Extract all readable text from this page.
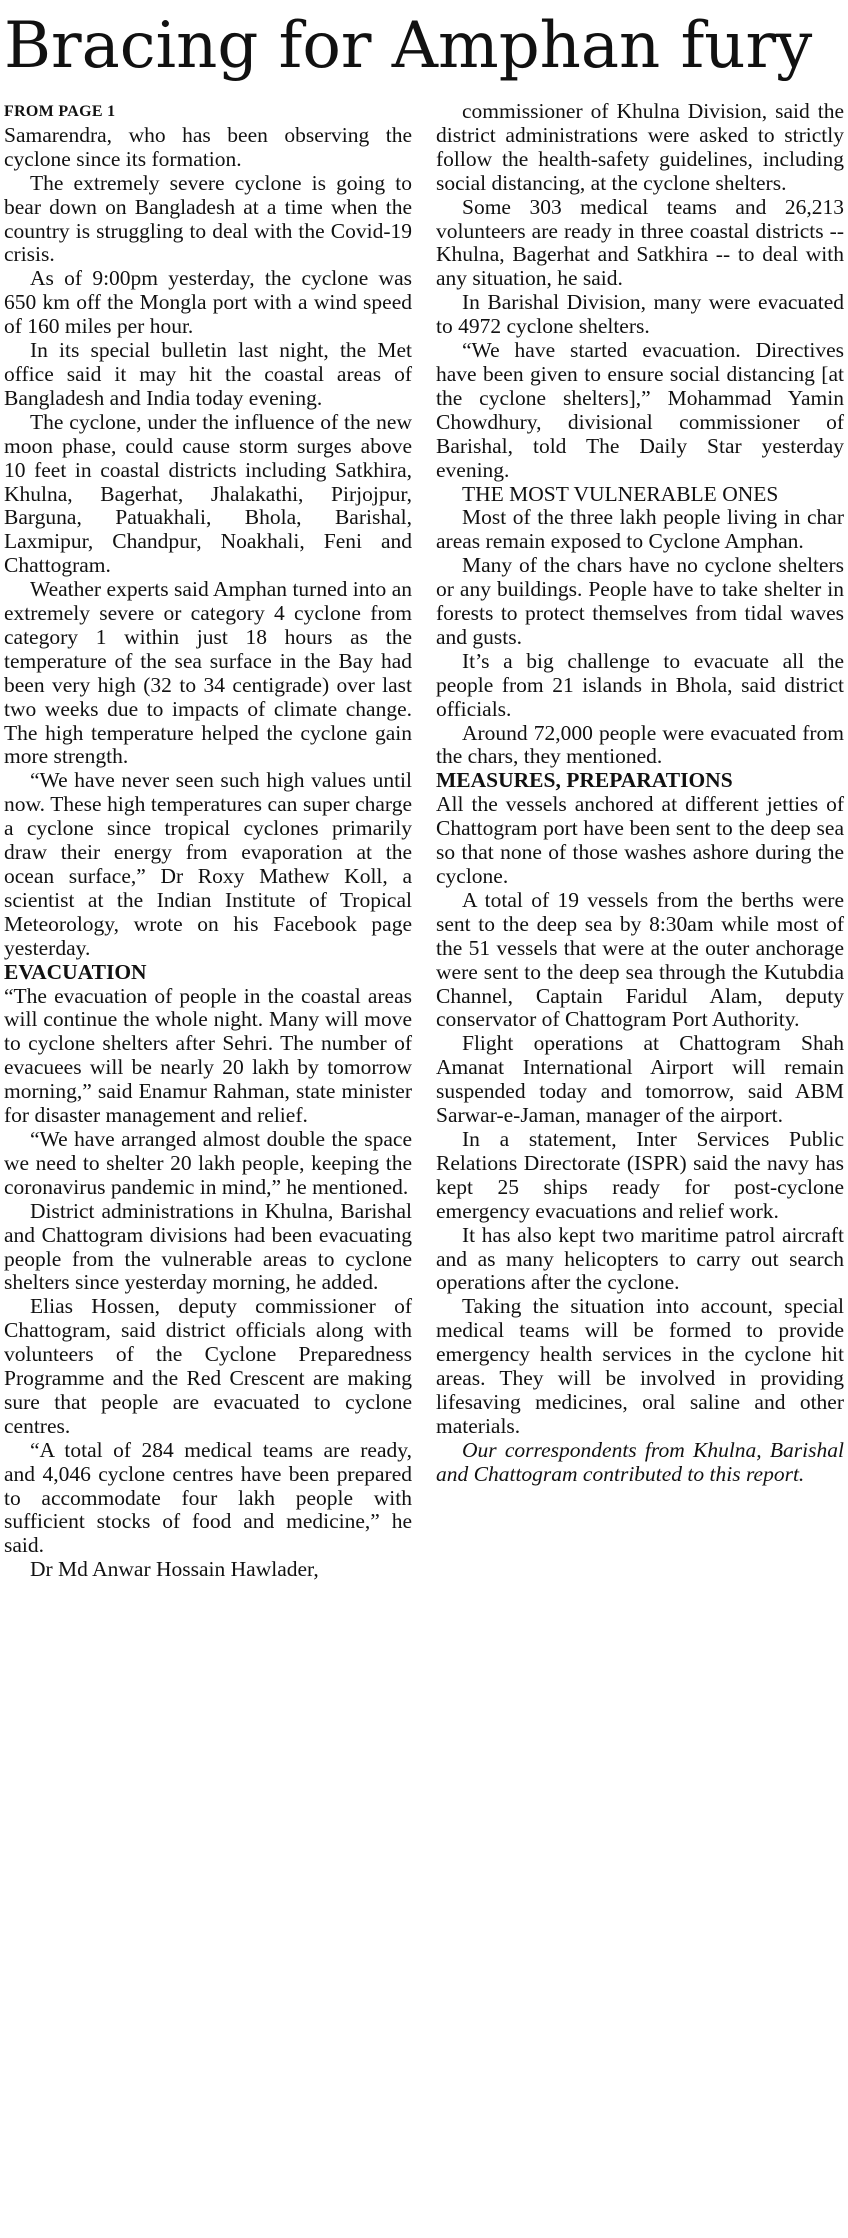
Bracing for Amphan fury
FROM PAGE 1

Samarendra, who has been observing the cyclone since its formation.

The extremely severe cyclone is going to bear down on Bangladesh at a time when the country is struggling to deal with the Covid-19 crisis.

As of 9:00pm yesterday, the cyclone was 650 km off the Mongla port with a wind speed of 160 miles per hour.

In its special bulletin last night, the Met office said it may hit the coastal areas of Bangladesh and India today evening.

The cyclone, under the influence of the new moon phase, could cause storm surges above 10 feet in coastal districts including Satkhira, Khulna, Bagerhat, Jhalakathi, Pirjojpur, Barguna, Patuakhali, Bhola, Barishal, Laxmipur, Chandpur, Noakhali, Feni and Chattogram.

Weather experts said Amphan turned into an extremely severe or category 4 cyclone from category 1 within just 18 hours as the temperature of the sea surface in the Bay had been very high (32 to 34 centigrade) over last two weeks due to impacts of climate change. The high temperature helped the cyclone gain more strength.

“We have never seen such high values until now. These high temperatures can super charge a cyclone since tropical cyclones primarily draw their energy from evaporation at the ocean surface,” Dr Roxy Mathew Koll, a scientist at the Indian Institute of Tropical Meteorology, wrote on his Facebook page yesterday.

EVACUATION

“The evacuation of people in the coastal areas will continue the whole night. Many will move to cyclone shelters after Sehri. The number of evacuees will be nearly 20 lakh by tomorrow morning,” said Enamur Rahman, state minister for disaster management and relief.

“We have arranged almost double the space we need to shelter 20 lakh people, keeping the coronavirus pandemic in mind,” he mentioned.

District administrations in Khulna, Barishal and Chattogram divisions had been evacuating people from the vulnerable areas to cyclone shelters since yesterday morning, he added.

Elias Hossen, deputy commissioner of Chattogram, said district officials along with volunteers of the Cyclone Preparedness Programme and the Red Crescent are making sure that people are evacuated to cyclone centres.

“A total of 284 medical teams are ready, and 4,046 cyclone centres have been prepared to accommodate four lakh people with sufficient stocks of food and medicine,” he said.

Dr Md Anwar Hossain Hawlader,

commissioner of Khulna Division, said the district administrations were asked to strictly follow the health-safety guidelines, including social distancing, at the cyclone shelters.

Some 303 medical teams and 26,213 volunteers are ready in three coastal districts -- Khulna, Bagerhat and Satkhira -- to deal with any situation, he said.

In Barishal Division, many were evacuated to 4972 cyclone shelters.

“We have started evacuation. Directives have been given to ensure social distancing [at the cyclone shelters],” Mohammad Yamin Chowdhury, divisional commissioner of Barishal, told The Daily Star yesterday evening.

THE MOST VULNERABLE ONES

Most of the three lakh people living in char areas remain exposed to Cyclone Amphan.

Many of the chars have no cyclone shelters or any buildings. People have to take shelter in forests to protect themselves from tidal waves and gusts.

It’s a big challenge to evacuate all the people from 21 islands in Bhola, said district officials.

Around 72,000 people were evacuated from the chars, they mentioned.

MEASURES, PREPARATIONS

All the vessels anchored at different jetties of Chattogram port have been sent to the deep sea so that none of those washes ashore during the cyclone.

A total of 19 vessels from the berths were sent to the deep sea by 8:30am while most of the 51 vessels that were at the outer anchorage were sent to the deep sea through the Kutubdia Channel, Captain Faridul Alam, deputy conservator of Chattogram Port Authority.

Flight operations at Chattogram Shah Amanat International Airport will remain suspended today and tomorrow, said ABM Sarwar-e-Jaman, manager of the airport.

In a statement, Inter Services Public Relations Directorate (ISPR) said the navy has kept 25 ships ready for post-cyclone emergency evacuations and relief work.

It has also kept two maritime patrol aircraft and as many helicopters to carry out search operations after the cyclone.

Taking the situation into account, special medical teams will be formed to provide emergency health services in the cyclone hit areas. They will be involved in providing lifesaving medicines, oral saline and other materials.

Our correspondents from Khulna, Barishal and Chattogram contributed to this report.
